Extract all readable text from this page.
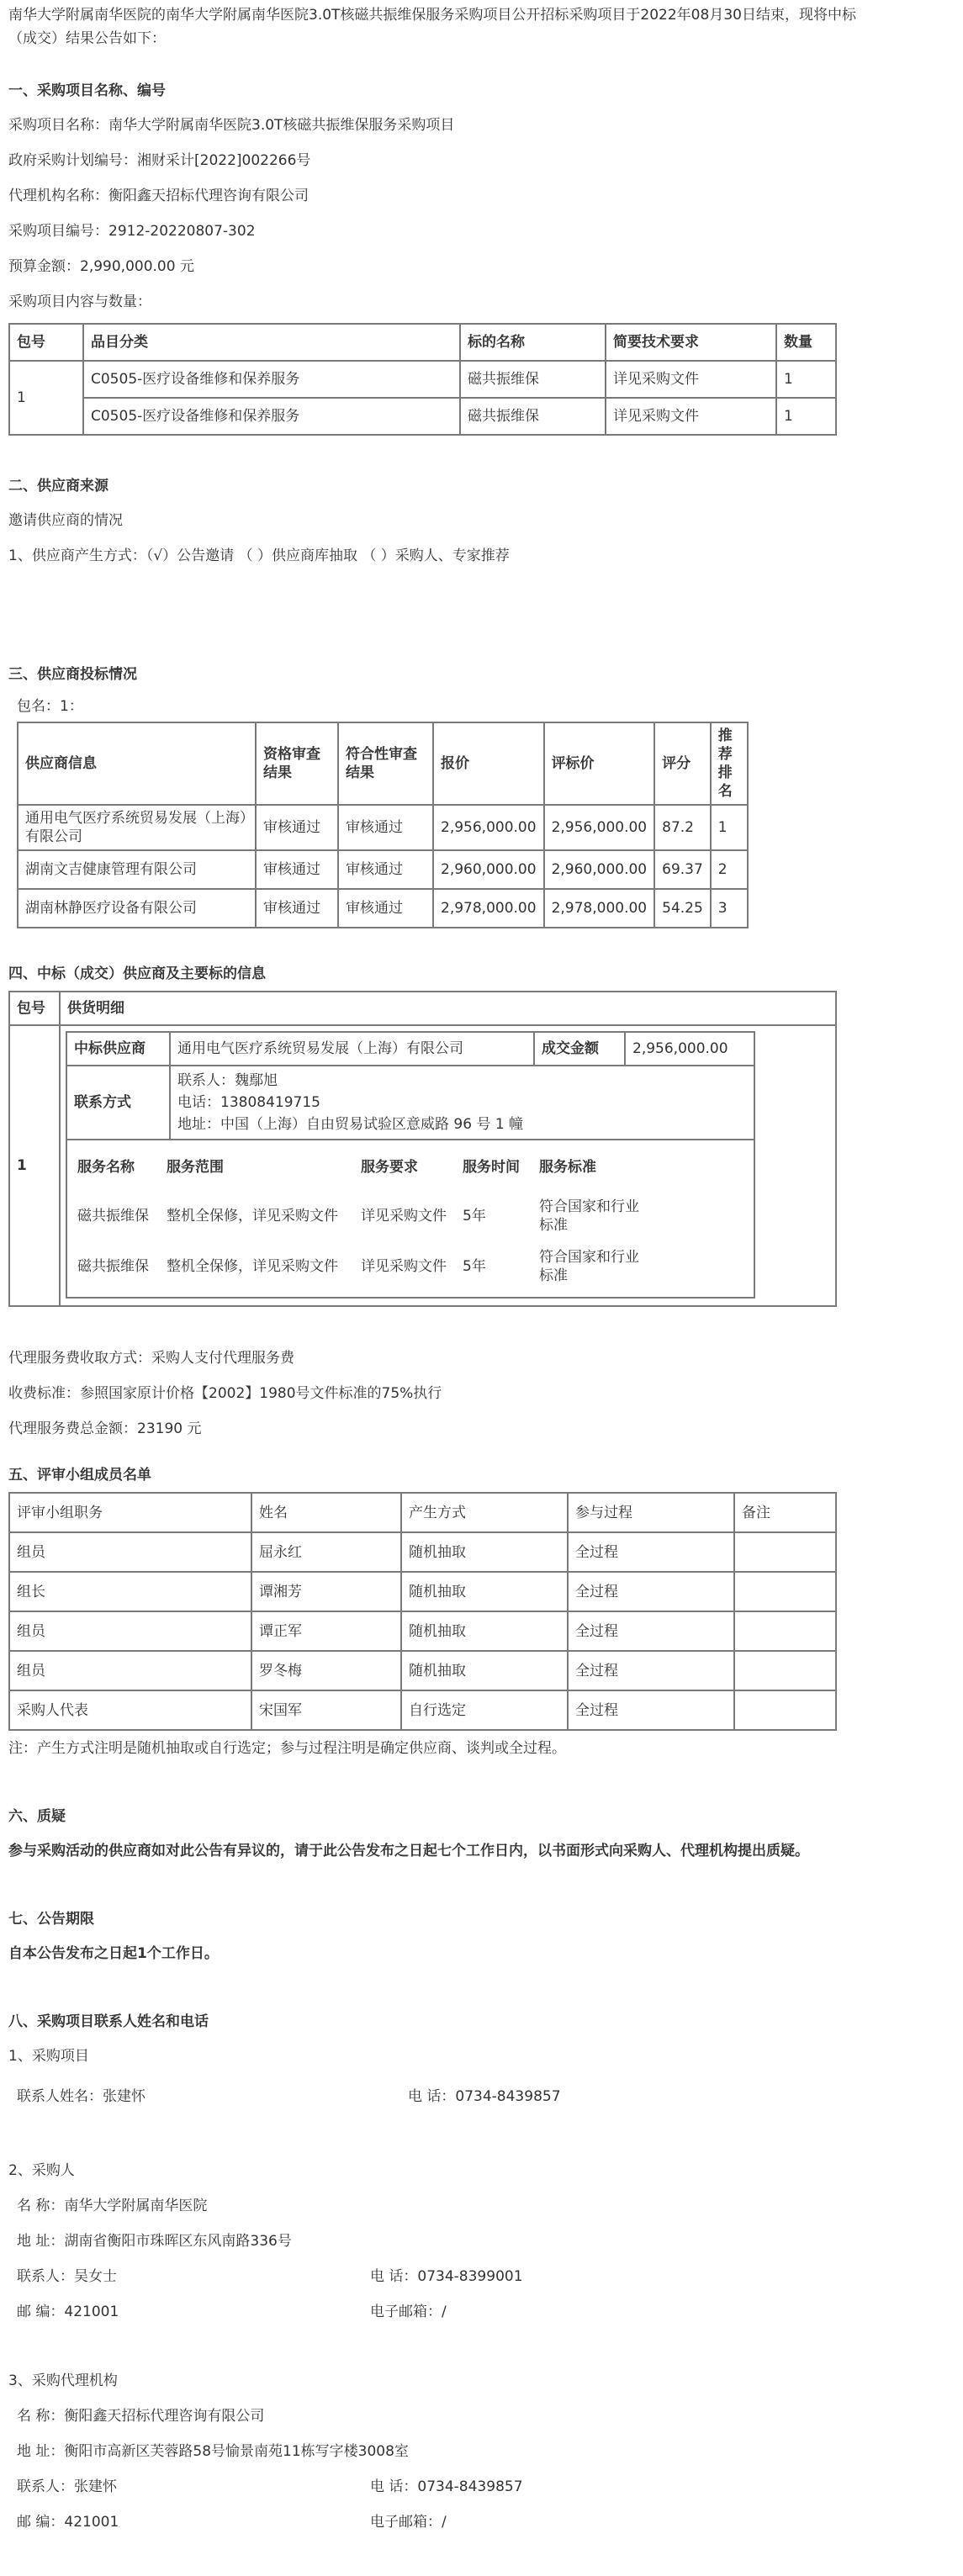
南华大学附属南华医院的南华大学附属南华医院3.0T核磁共振维保服务采购项目公开招标采购项目于2022年08月30日结束，现将中标（成交）结果公告如下：

一、采购项目名称、编号

采购项目名称：南华大学附属南华医院3.0T核磁共振维保服务采购项目

政府采购计划编号：湘财采计[2022]002266号

代理机构名称：衡阳鑫天招标代理咨询有限公司

采购项目编号：2912-20220807-302

预算金额：2,990,000.00 元

采购项目内容与数量：

包号	品目分类	标的名称	简要技术要求	数量
1	C0505-医疗设备维修和保养服务	磁共振维保	详见采购文件	1
	C0505-医疗设备维修和保养服务	磁共振维保	详见采购文件	1

二、供应商来源

邀请供应商的情况

1、供应商产生方式：（√）公告邀请 （ ）供应商库抽取 （ ）采购人、专家推荐

三、供应商投标情况

包名：1：

供应商信息	资格审查结果	符合性审查结果	报价	评标价	评分	推荐排名
通用电气医疗系统贸易发展（上海）有限公司	审核通过	审核通过	2,956,000.00	2,956,000.00	87.2	1
湖南文吉健康管理有限公司	审核通过	审核通过	2,960,000.00	2,960,000.00	69.37	2
湖南林静医疗设备有限公司	审核通过	审核通过	2,978,000.00	2,978,000.00	54.25	3

四、中标（成交）供应商及主要标的信息

包号	供货明细
1	
中标供应商	通用电气医疗系统贸易发展（上海）有限公司	成交金额	2,956,000.00
联系方式	
联系人：魏鄢旭
电话：13808419715
地址：中国（上海）自由贸易试验区意威路 96 号 1 幢

服务名称	服务范围	服务要求	服务时间	服务标准
磁共振维保	整机全保修，详见采购文件	详见采购文件	5年	符合国家和行业标准
磁共振维保	整机全保修，详见采购文件	详见采购文件	5年	符合国家和行业标准

代理服务费收取方式：采购人支付代理服务费

收费标准：参照国家原计价格【2002】1980号文件标准的75%执行

代理服务费总金额：23190 元

五、评审小组成员名单

评审小组职务	姓名	产生方式	参与过程	备注
组员	屈永红	随机抽取	全过程	
组长	谭湘芳	随机抽取	全过程	
组员	谭正军	随机抽取	全过程	
组员	罗冬梅	随机抽取	全过程	
采购人代表	宋国军	自行选定	全过程	

注：产生方式注明是随机抽取或自行选定；参与过程注明是确定供应商、谈判或全过程。

六、质疑

参与采购活动的供应商如对此公告有异议的，请于此公告发布之日起七个工作日内，以书面形式向采购人、代理机构提出质疑。

七、公告期限

自本公告发布之日起1个工作日。

八、采购项目联系人姓名和电话

1、采购项目

联系人姓名：张建怀	电 话：0734-8439857

2、采购人

名 称：南华大学附属南华医院

地 址：湖南省衡阳市珠晖区东风南路336号

联系人：吴女士	电 话：0734-8399001
邮 编：421001	电子邮箱：/

3、采购代理机构

名 称：衡阳鑫天招标代理咨询有限公司

地 址：衡阳市高新区芙蓉路58号愉景南苑11栋写字楼3008室

联系人：张建怀	电 话：0734-8439857
邮 编：421001	电子邮箱：/
